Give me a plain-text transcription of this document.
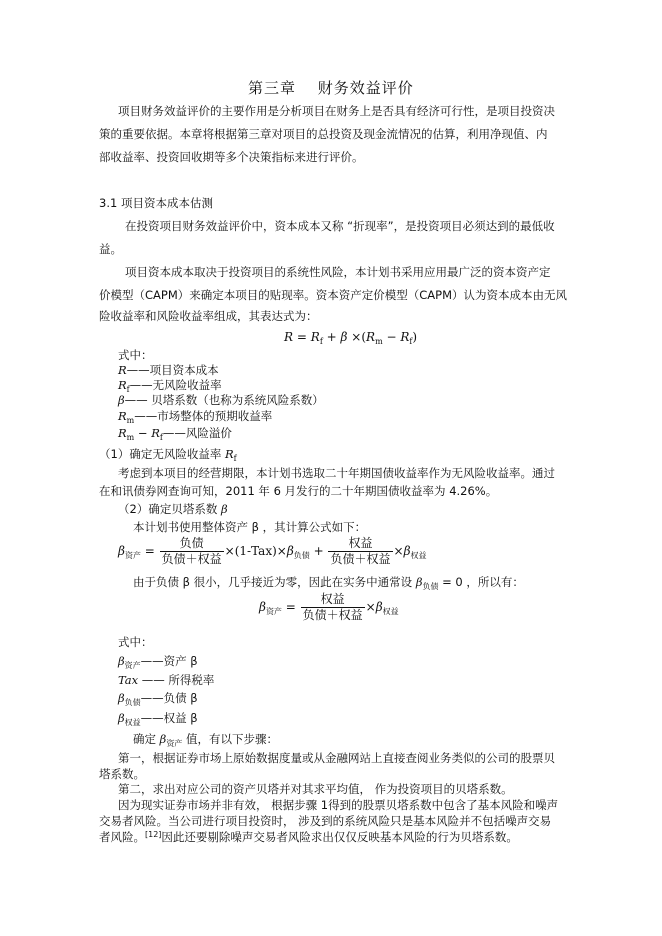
第三章　 财务效益评价
项目财务效益评价的主要作用是分析项目在财务上是否具有经济可行性，是项目投资决
策的重要依据。本章将根据第三章对项目的总投资及现金流情况的估算，利用净现值、内
部收益率、投资回收期等多个决策指标来进行评价。
3.1 项目资本成本估测
在投资项目财务效益评价中，资本成本又称 “折现率”，是投资项目必须达到的最低收
益。
项目资本成本取决于投资项目的系统性风险，本计划书采用应用最广泛的资本资产定
价模型（CAPM）来确定本项目的贴现率。资本资产定价模型（CAPM）认为资本成本由无风
险收益率和风险收益率组成，其表达式为：
$R = R_f + \beta \times(R_m - R_f)$
式中：
R——项目资本成本
$R_f——$无风险收益率
β—— 贝塔系数（也称为系统风险系数）
$R_m——$市场整体的预期收益率
$R_m$ − $R_f——$风险溢价
（1）确定无风险收益率 $R_f$
考虑到本项目的经营期限，本计划书选取二十年期国债收益率作为无风险收益率。通过
在和讯债券网查询可知，2011 年 6 月发行的二十年期国债收益率为 4.26%。
（2）确定贝塔系数 β
本计划书使用整体资产 β ，其计算公式如下：
$\beta_{资产} = \frac{\text{负债}}{\text{负债＋权益}} \times(1-Tax)\times\beta_{负债} + \frac{\text{权益}}{\text{负债＋权益}} \times\beta_{权益}$
由于负债 β 很小，几乎接近为零，因此在实务中通常设 $\beta_{负债} = 0$ ，所以有：
$\beta_{资产} = \frac{\text{权益}}{\text{负债＋权益}} \times\beta_{权益}$
式中：
$\beta_{资产}——$资产 β
Tax —— 所得税率
$\beta_{负债}——$负债 β
$\beta_{权益}——$权益 β
确定 $\beta_{资产}$ 值，有以下步骤：
第一，根据证券市场上原始数据度量或从金融网站上直接查阅业务类似的公司的股票贝
塔系数。
第二，求出对应公司的资产贝塔并对其求平均值， 作为投资项目的贝塔系数。
因为现实证券市场并非有效， 根据步骤 1得到的股票贝塔系数中包含了基本风险和噪声
交易者风险。当公司进行项目投资时， 涉及到的系统风险只是基本风险并不包括噪声交易
者风险。[12]因此还要剔除噪声交易者风险求出仅仅反映基本风险的行为贝塔系数。
